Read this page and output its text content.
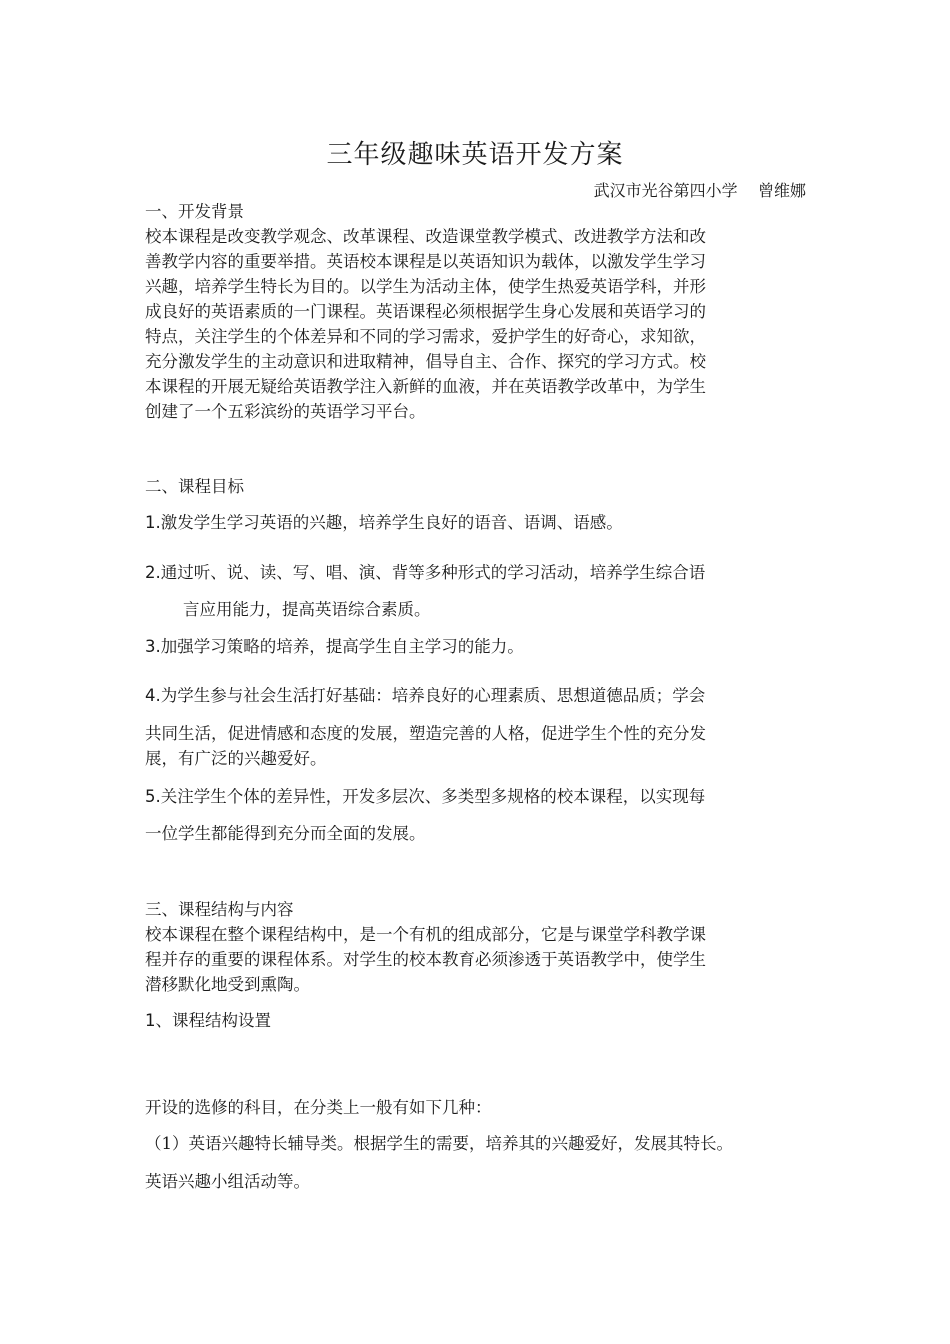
三年级趣味英语开发方案
武汉市光谷第四小学    曾维娜
一、开发背景
校本课程是改变教学观念、改革课程、改造课堂教学模式、改进教学方法和改
善教学内容的重要举措。英语校本课程是以英语知识为载体，以激发学生学习
兴趣，培养学生特长为目的。以学生为活动主体，使学生热爱英语学科，并形
成良好的英语素质的一门课程。英语课程必须根据学生身心发展和英语学习的
特点，关注学生的个体差异和不同的学习需求，爱护学生的好奇心，求知欲，
充分激发学生的主动意识和进取精神，倡导自主、合作、探究的学习方式。校
本课程的开展无疑给英语教学注入新鲜的血液，并在英语教学改革中，为学生
创建了一个五彩滨纷的英语学习平台。
二、课程目标
1.激发学生学习英语的兴趣，培养学生良好的语音、语调、语感。
2.通过听、说、读、写、唱、演、背等多种形式的学习活动，培养学生综合语
言应用能力，提高英语综合素质。
3.加强学习策略的培养，提高学生自主学习的能力。
4.为学生参与社会生活打好基础：培养良好的心理素质、思想道德品质；学会
共同生活，促进情感和态度的发展，塑造完善的人格，促进学生个性的充分发
展，有广泛的兴趣爱好。
5.关注学生个体的差异性，开发多层次、多类型多规格的校本课程，以实现每
一位学生都能得到充分而全面的发展。
三、课程结构与内容
校本课程在整个课程结构中，是一个有机的组成部分，它是与课堂学科教学课
程并存的重要的课程体系。对学生的校本教育必须渗透于英语教学中，使学生
潜移默化地受到熏陶。
1、课程结构设置
开设的选修的科目，在分类上一般有如下几种：
（1）英语兴趣特长辅导类。根据学生的需要，培养其的兴趣爱好，发展其特长。
英语兴趣小组活动等。
